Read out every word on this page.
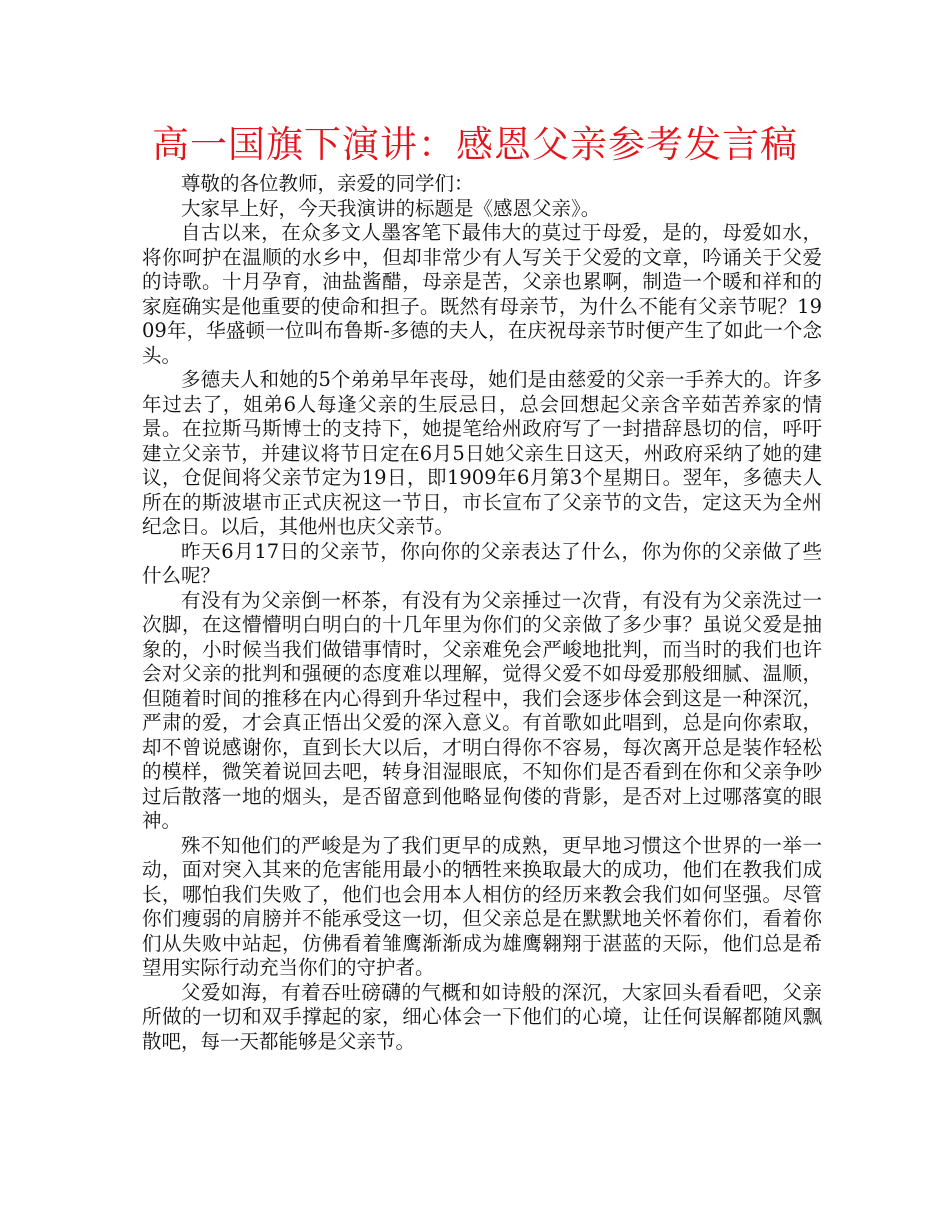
高一国旗下演讲：感恩父亲参考发言稿

尊敬的各位教师，亲爱的同学们：

大家早上好，今天我演讲的标题是《感恩父亲》。

自古以来，在众多文人墨客笔下最伟大的莫过于母爱，是的，母爱如水，将你呵护在温顺的水乡中，但却非常少有人写关于父爱的文章，吟诵关于父爱的诗歌。十月孕育，油盐酱醋，母亲是苦，父亲也累啊，制造一个暖和祥和的家庭确实是他重要的使命和担子。既然有母亲节，为什么不能有父亲节呢？1909年，华盛顿一位叫布鲁斯-多德的夫人，在庆祝母亲节时便产生了如此一个念头。

多德夫人和她的5个弟弟早年丧母，她们是由慈爱的父亲一手养大的。许多年过去了，姐弟6人每逢父亲的生辰忌日，总会回想起父亲含辛茹苦养家的情景。在拉斯马斯博士的支持下，她提笔给州政府写了一封措辞恳切的信，呼吁建立父亲节，并建议将节日定在6月5日她父亲生日这天，州政府采纳了她的建议，仓促间将父亲节定为19日，即1909年6月第3个星期日。翌年，多德夫人所在的斯波堪市正式庆祝这一节日，市长宣布了父亲节的文告，定这天为全州纪念日。以后，其他州也庆父亲节。

昨天6月17日的父亲节，你向你的父亲表达了什么，你为你的父亲做了些什么呢？

有没有为父亲倒一杯茶，有没有为父亲捶过一次背，有没有为父亲洗过一次脚，在这懵懵明白明白的十几年里为你们的父亲做了多少事？虽说父爱是抽象的，小时候当我们做错事情时，父亲难免会严峻地批判，而当时的我们也许会对父亲的批判和强硬的态度难以理解，觉得父爱不如母爱那般细腻、温顺，但随着时间的推移在内心得到升华过程中，我们会逐步体会到这是一种深沉，严肃的爱，才会真正悟出父爱的深入意义。有首歌如此唱到，总是向你索取，却不曾说感谢你，直到长大以后，才明白得你不容易，每次离开总是装作轻松的模样，微笑着说回去吧，转身泪湿眼底，不知你们是否看到在你和父亲争吵过后散落一地的烟头，是否留意到他略显佝偻的背影，是否对上过哪落寞的眼神。

殊不知他们的严峻是为了我们更早的成熟，更早地习惯这个世界的一举一动，面对突入其来的危害能用最小的牺牲来换取最大的成功，他们在教我们成长，哪怕我们失败了，他们也会用本人相仿的经历来教会我们如何坚强。尽管你们瘦弱的肩膀并不能承受这一切，但父亲总是在默默地关怀着你们，看着你们从失败中站起，仿佛看着雏鹰渐渐成为雄鹰翱翔于湛蓝的天际，他们总是希望用实际行动充当你们的守护者。

父爱如海，有着吞吐磅礴的气概和如诗般的深沉，大家回头看看吧，父亲所做的一切和双手撑起的家，细心体会一下他们的心境，让任何误解都随风飘散吧，每一天都能够是父亲节。
